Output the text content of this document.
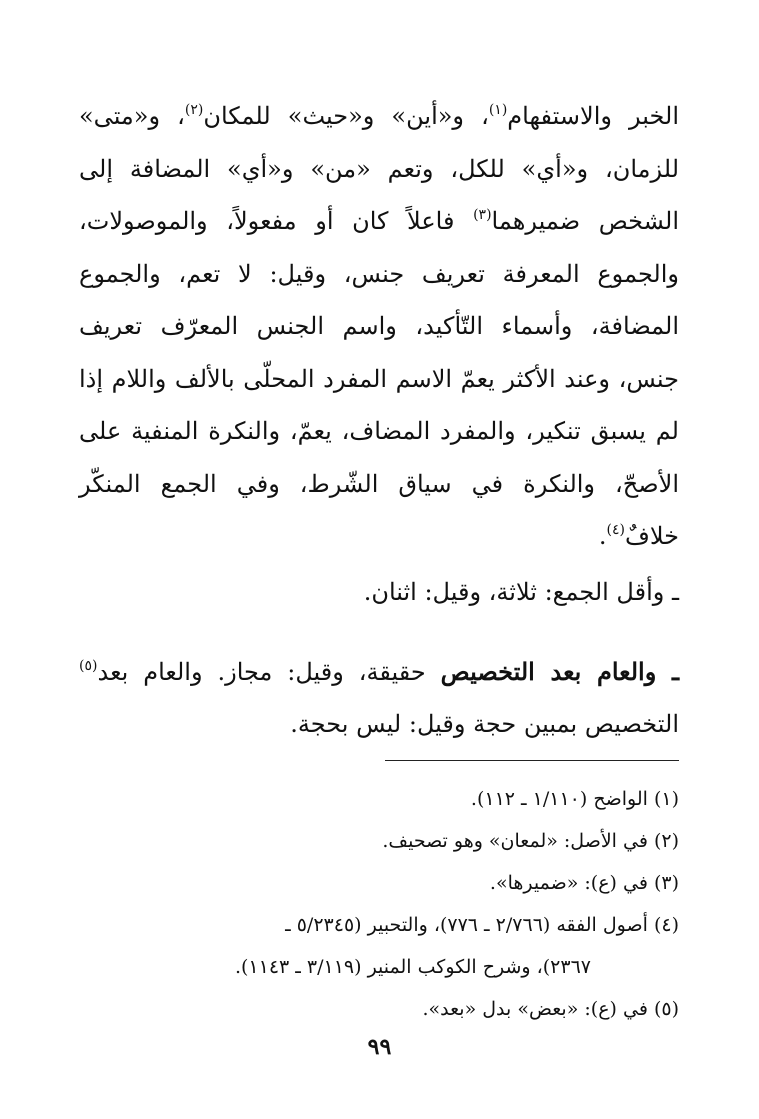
الخبر والاستفهام$^{(١)}$، و«أين» و«حيث» للمكان$^{(٢)}$، و«متى» للزمان، و«أي» للكل، وتعم «من» و«أي» المضافة إلى الشخص ضميرهما$^{(٣)}$ فاعلاً كان أو مفعولاً، والموصولات، والجموع المعرفة تعريف جنس، وقيل: لا تعم، والجموع المضافة، وأسماء التّأكيد، واسم الجنس المعرّف تعريف جنس، وعند الأكثر يعمّ الاسم المفرد المحلّى بالألف واللام إذا لم يسبق تنكير، والمفرد المضاف، يعمّ، والنكرة المنفية على الأصحّ، والنكرة في سياق الشّرط، وفي الجمع المنكّر خلافٌ$^{(٤)}$.

ـ وأقل الجمع: ثلاثة، وقيل: اثنان.

ـ والعام بعد التخصيص حقيقة، وقيل: مجاز. والعام بعد$^{(٥)}$ التخصيص بمبين حجة وقيل: ليس بحجة.

(١) الواضح (١/١١٠ ـ ١١٢).

(٢) في الأصل: «لمعان» وهو تصحيف.

(٣) في (ع): «ضميرها».

(٤) أصول الفقه (٢/٧٦٦ ـ ٧٧٦)، والتحبير (٥/٢٣٤٥ ـ

٢٣٦٧)، وشرح الكوكب المنير (٣/١١٩ ـ ١١٤٣).

(٥) في (ع): «بعض» بدل «بعد».

٩٩
